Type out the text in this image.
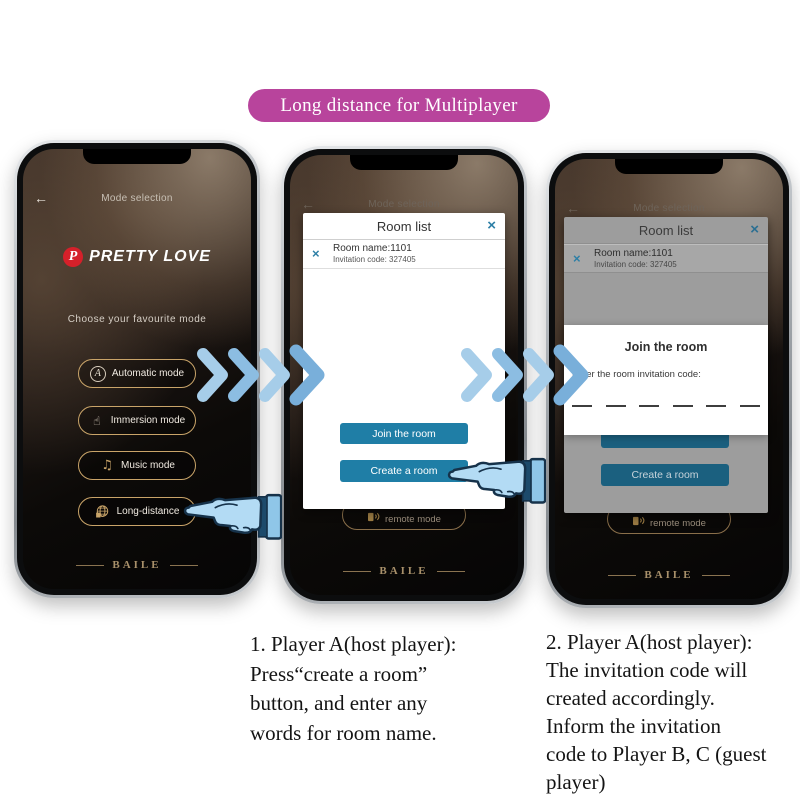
Long distance for Multiplayer
←	Mode selection
P PRETTY LOVE
Choose your favourite mode
A	Automatic mode
☝	Immersion mode
♫ Music mode
Long-distance
BAILE
←	Mode selection
remote mode
Room list	×
× Room name:1101
Invitation code: 327405
Join the room
Create a room
BAILE
←	Mode selection
remote mode
Room list	×
× Room name:1101
Invitation code: 327405
Create a room
Join the room
Enter the room invitation code:
BAILE
1. Player A(host player):
Press“create a room”
button, and enter any
words for room name.
2. Player A(host player):
The invitation code will
created accordingly.
Inform the invitation
code to Player B, C (guest
player)
